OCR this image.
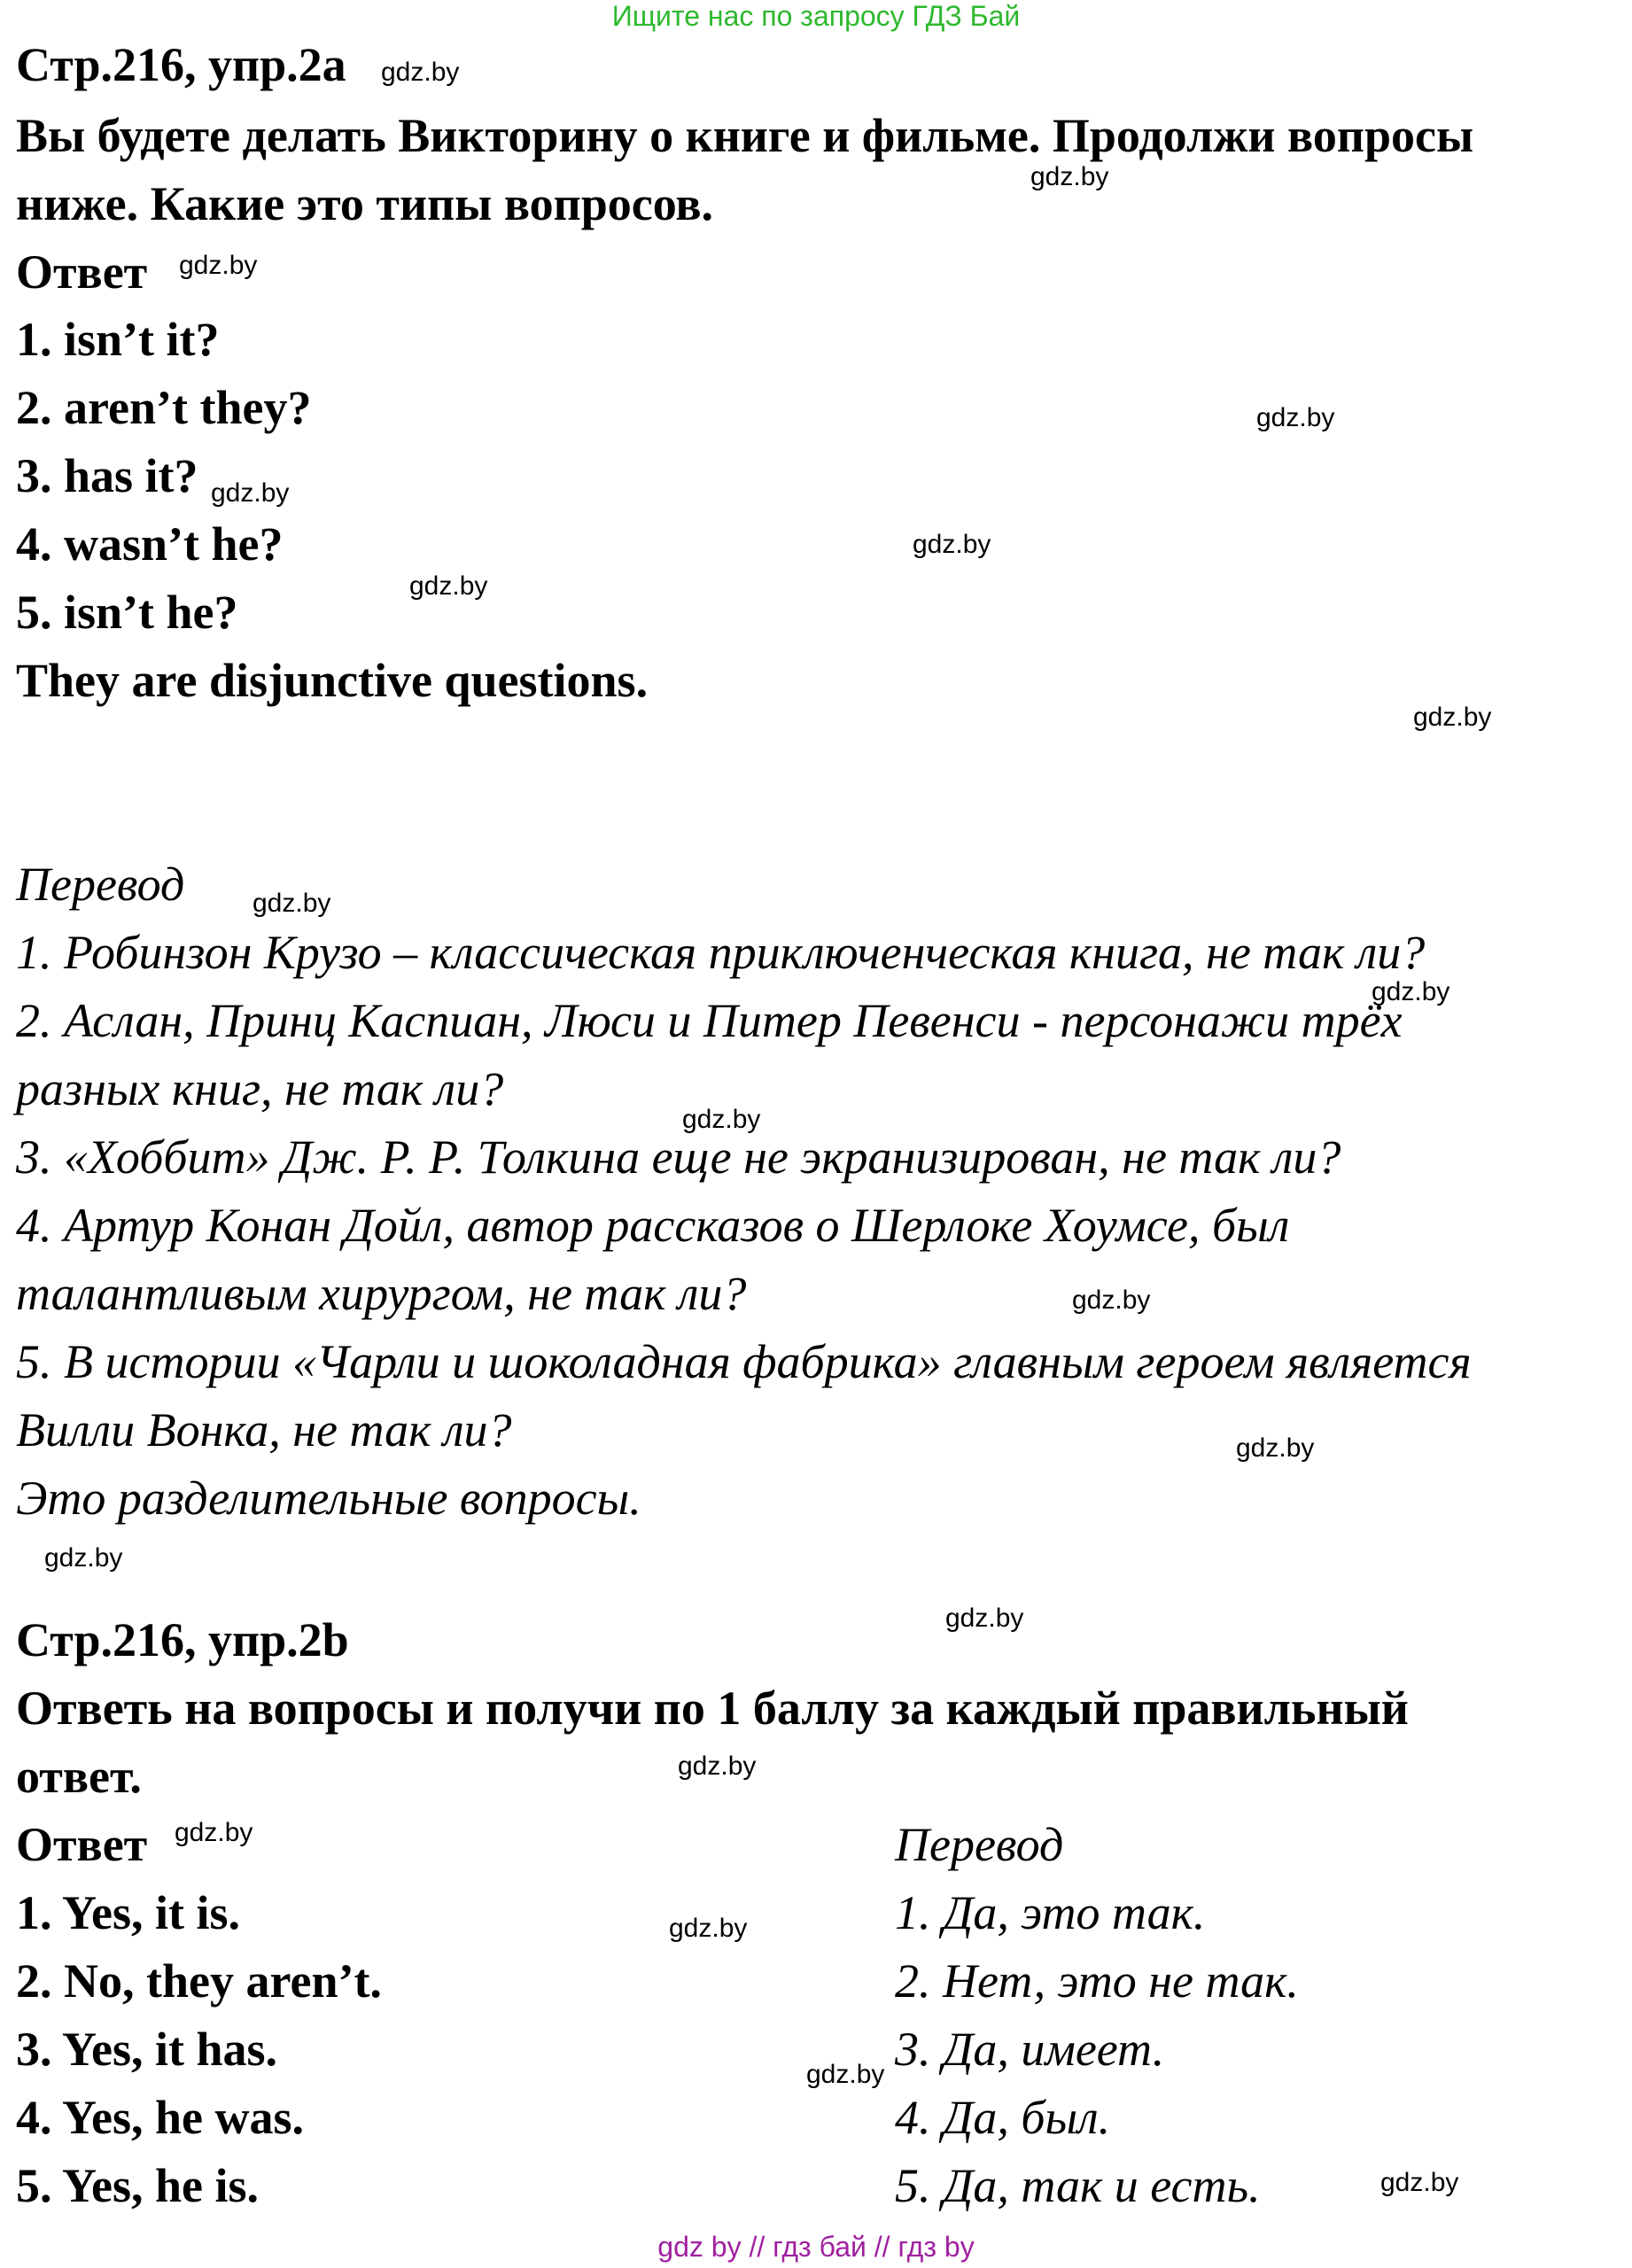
Ищите нас по запросу ГДЗ Бай
Стр.216, упр.2a
Вы будете делать Викторину о книге и фильме. Продолжи вопросы
ниже. Какие это типы вопросов.
Ответ
1. isn’t it?
2. aren’t they?
3. has it?
4. wasn’t he?
5. isn’t he?
They are disjunctive questions.
Перевод
1. Робинзон Крузо – классическая приключенческая книга, не так ли?
2. Аслан, Принц Каспиан, Люси и Питер Певенси - персонажи трёх
разных книг, не так ли?
3. «Хоббит» Дж. Р. Р. Толкина еще не экранизирован, не так ли?
4. Артур Конан Дойл, автор рассказов о Шерлоке Хоумсе, был
талантливым хирургом, не так ли?
5. В истории «Чарли и шоколадная фабрика» главным героем является
Вилли Вонка, не так ли?
Это разделительные вопросы.
Стр.216, упр.2b
Ответь на вопросы и получи по 1 баллу за каждый правильный
ответ.
Ответ	Перевод
1. Yes, it is.	1. Да, это так.
2. No, they aren’t.	2. Нет, это не так.
3. Yes, it has.	3. Да, имеет.
4. Yes, he was.	4. Да, был.
5. Yes, he is.	5. Да, так и есть.
gdz.by
gdz.by
gdz.by
gdz.by
gdz.by
gdz.by
gdz.by
gdz.by
gdz.by
gdz.by
gdz.by
gdz.by
gdz.by
gdz.by
gdz.by
gdz.by
gdz.by
gdz.by
gdz.by
gdz.by
gdz by // гдз бай // гдз by
